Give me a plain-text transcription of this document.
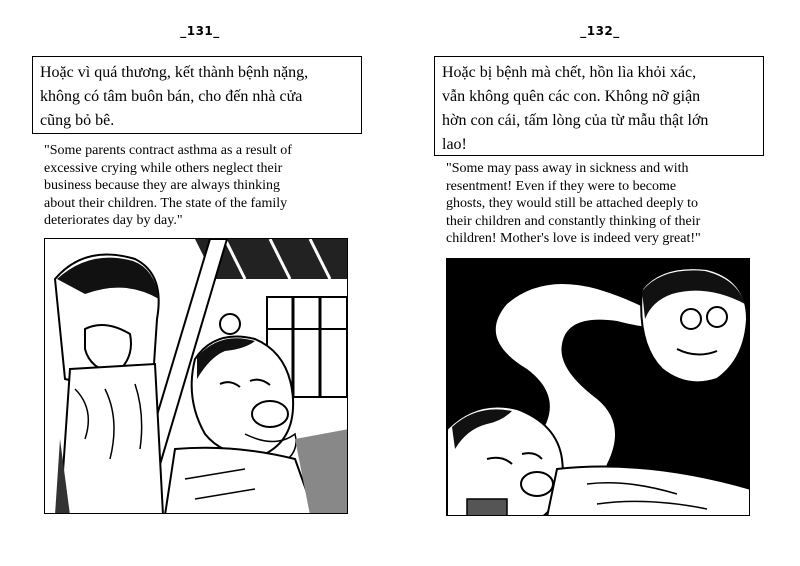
_131_
Hoặc vì quá thương, kết thành bệnh nặng,
không có tâm buôn bán, cho đến nhà cửa
cũng bỏ bê.
"Some parents contract asthma as a result of
excessive crying while others neglect their
business because they are always thinking
about their children. The state of the family
deteriorates day by day."
_132_
Hoặc bị bệnh mà chết, hồn lìa khỏi xác,
vẫn không quên các con. Không nỡ giận
hờn con cái, tấm lòng của từ mẫu thật lớn
lao!
"Some may pass away in sickness and with
resentment! Even if they were to become
ghosts, they would still be attached deeply to
their children and constantly thinking of their
children! Mother's love is indeed very great!"
